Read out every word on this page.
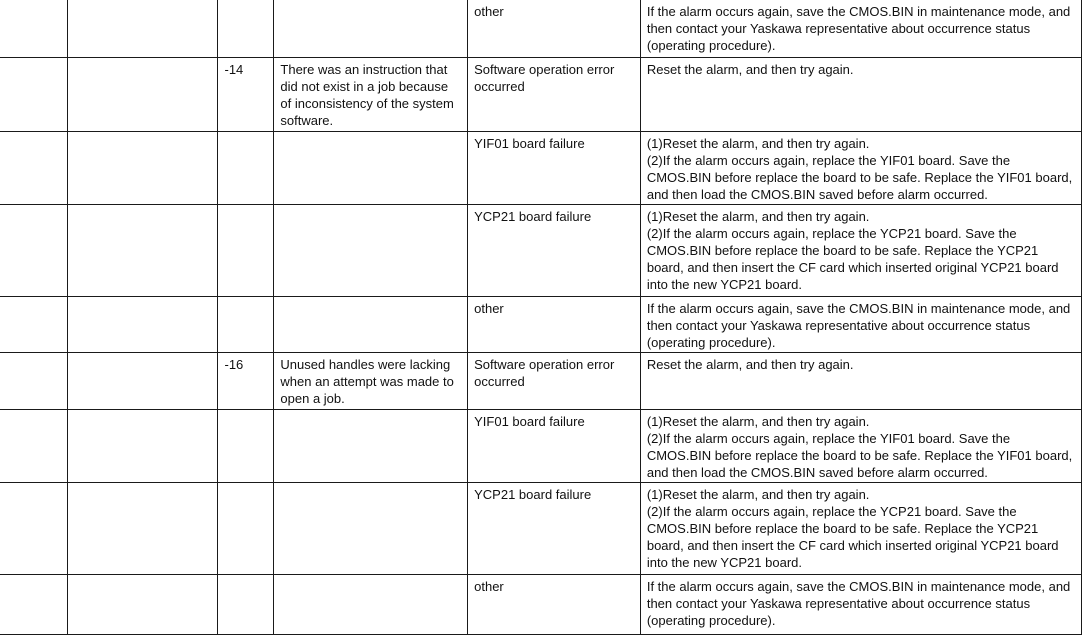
				other	If the alarm occurs again, save the CMOS.BIN in maintenance mode, and then contact your Yaskawa representative about occurrence status (operating procedure).
		-14	There was an instruction that did not exist in a job because of inconsistency of the system software.	Software operation error occurred	Reset the alarm, and then try again.
				YIF01 board failure	(1)Reset the alarm, and then try again.
(2)If the alarm occurs again, replace the YIF01 board. Save the CMOS.BIN before replace the board to be safe. Replace the YIF01 board, and then load the CMOS.BIN saved before alarm occurred.
				YCP21 board failure	(1)Reset the alarm, and then try again.
(2)If the alarm occurs again, replace the YCP21 board. Save the CMOS.BIN before replace the board to be safe. Replace the YCP21 board, and then insert the CF card which inserted original YCP21 board into the new YCP21 board.
				other	If the alarm occurs again, save the CMOS.BIN in maintenance mode, and then contact your Yaskawa representative about occurrence status (operating procedure).
		-16	Unused handles were lacking when an attempt was made to open a job.	Software operation error occurred	Reset the alarm, and then try again.
				YIF01 board failure	(1)Reset the alarm, and then try again.
(2)If the alarm occurs again, replace the YIF01 board. Save the CMOS.BIN before replace the board to be safe. Replace the YIF01 board, and then load the CMOS.BIN saved before alarm occurred.
				YCP21 board failure	(1)Reset the alarm, and then try again.
(2)If the alarm occurs again, replace the YCP21 board. Save the CMOS.BIN before replace the board to be safe. Replace the YCP21 board, and then insert the CF card which inserted original YCP21 board into the new YCP21 board.
				other	If the alarm occurs again, save the CMOS.BIN in maintenance mode, and then contact your Yaskawa representative about occurrence status (operating procedure).
